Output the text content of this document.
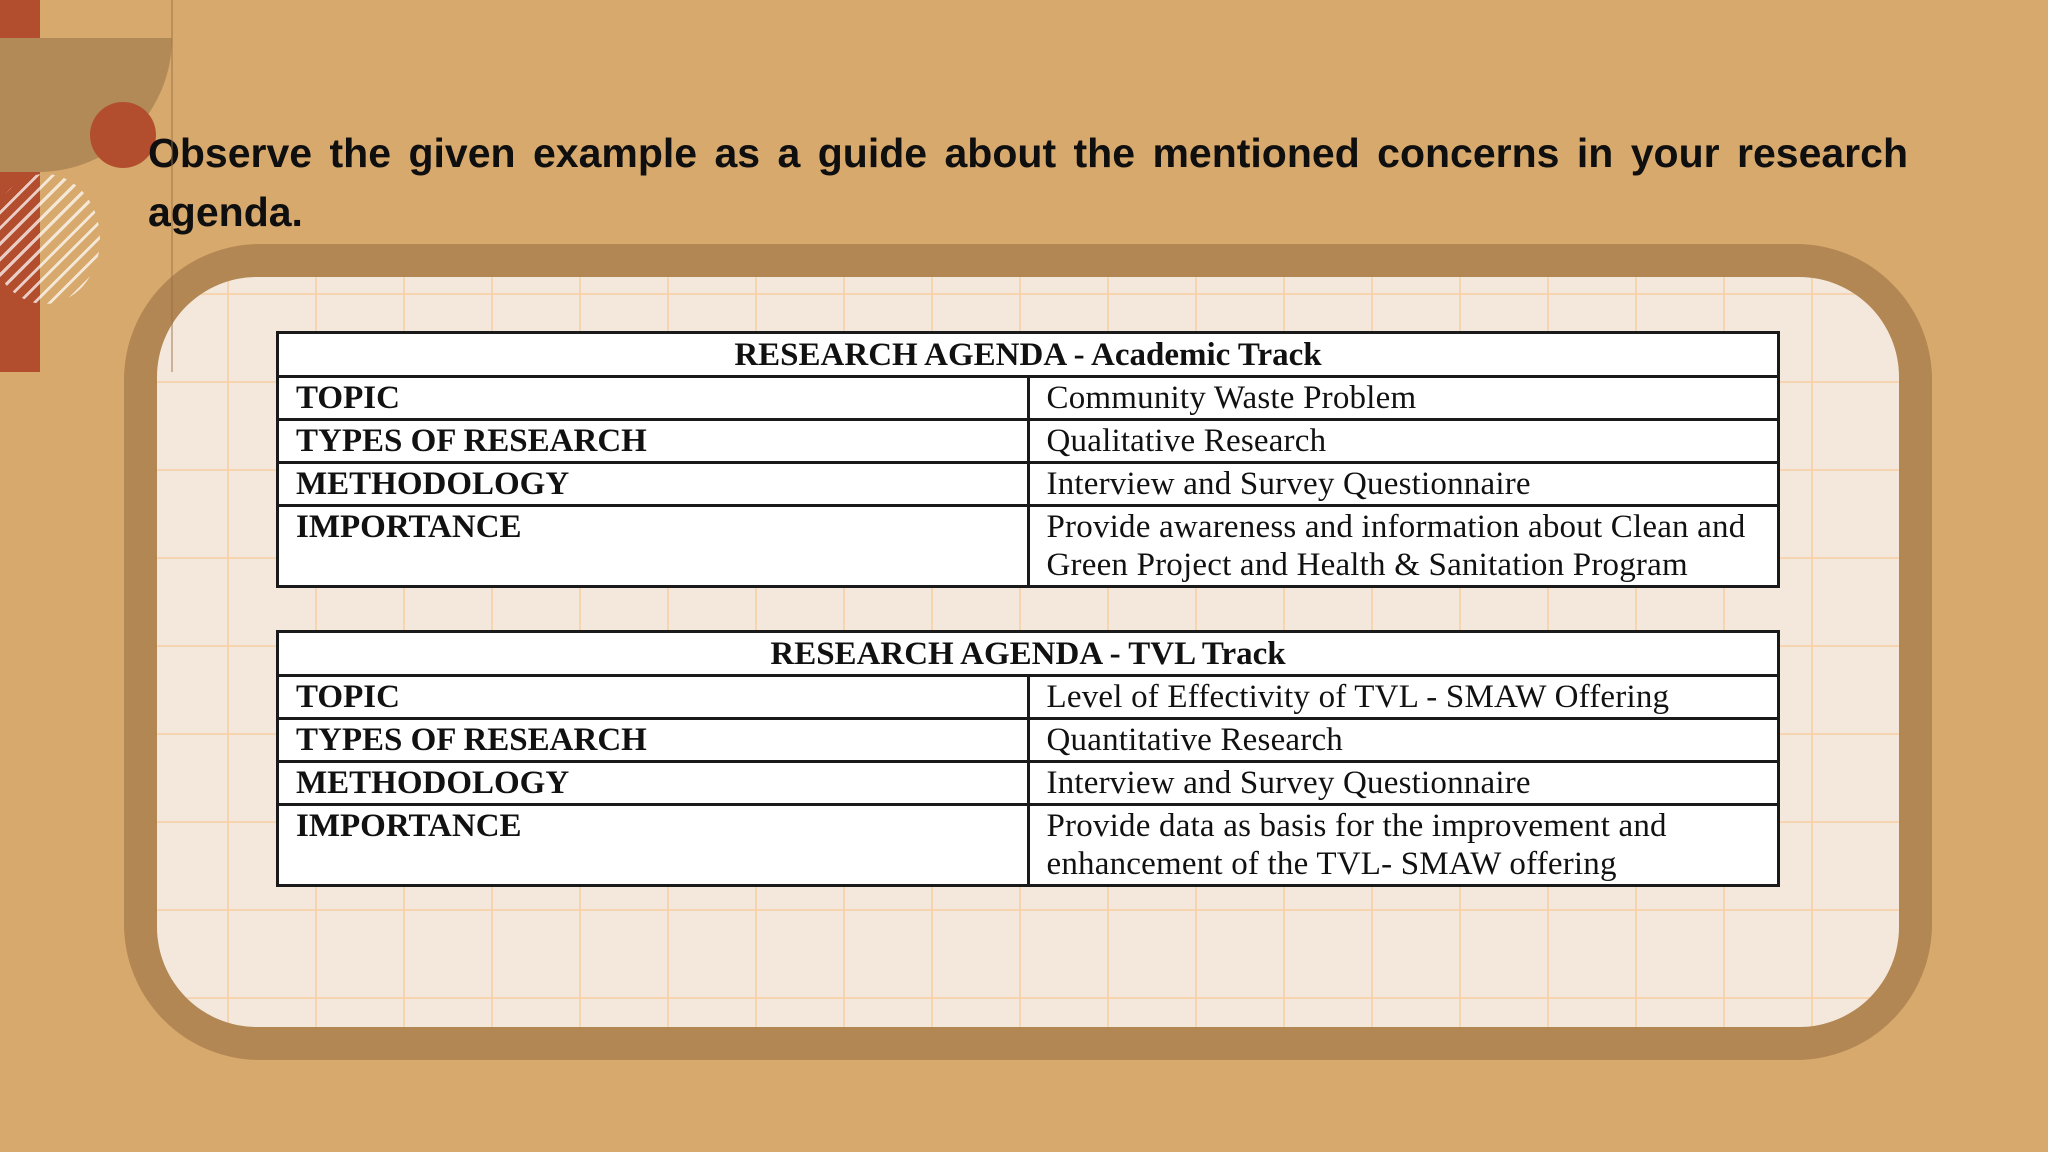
Observe the given example as a guide about the mentioned concerns in your research agenda.

RESEARCH AGENDA - Academic Track	
TOPIC	Community Waste Problem
TYPES OF RESEARCH	Qualitative Research
METHODOLOGY	Interview and Survey Questionnaire
IMPORTANCE	Provide awareness and information about Clean and Green Project and Health & Sanitation Program
RESEARCH AGENDA - TVL Track	
TOPIC	Level of Effectivity of TVL - SMAW Offering
TYPES OF RESEARCH	Quantitative Research
METHODOLOGY	Interview and Survey Questionnaire
IMPORTANCE	Provide data as basis for the improvement and enhancement of the TVL- SMAW offering
